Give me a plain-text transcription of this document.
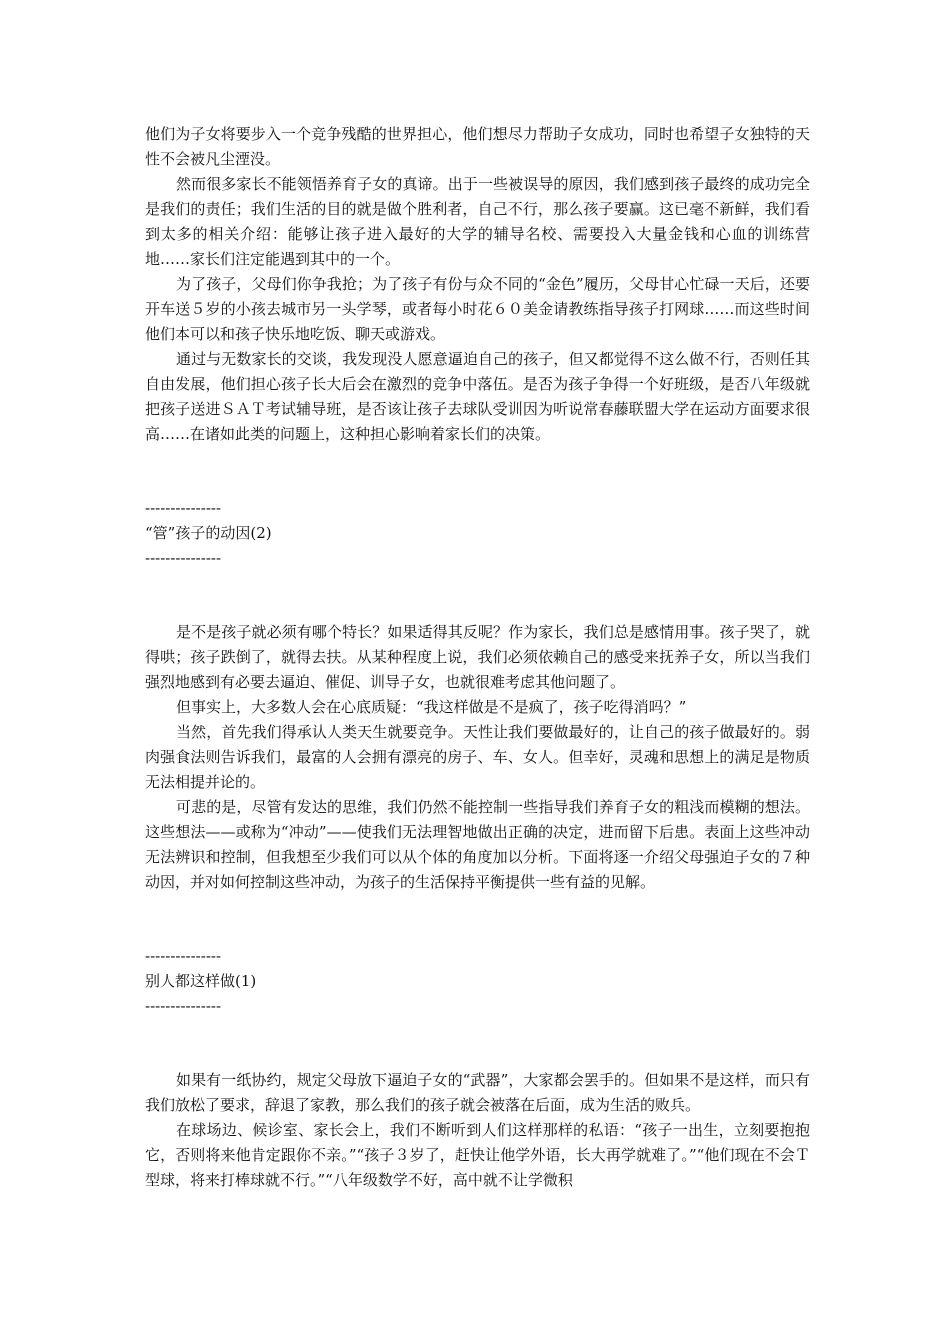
他们为子女将要步入一个竞争残酷的世界担心，他们想尽力帮助子女成功，同时也希望子女独特的天性不会被凡尘湮没。

然而很多家长不能领悟养育子女的真谛。出于一些被误导的原因，我们感到孩子最终的成功完全是我们的责任；我们生活的目的就是做个胜利者，自己不行，那么孩子要赢。这已毫不新鲜，我们看到太多的相关介绍：能够让孩子进入最好的大学的辅导名校、需要投入大量金钱和心血的训练营地……家长们注定能遇到其中的一个。

为了孩子，父母们你争我抢；为了孩子有份与众不同的“金色”履历，父母甘心忙碌一天后，还要开车送５岁的小孩去城市另一头学琴，或者每小时花６０美金请教练指导孩子打网球……而这些时间他们本可以和孩子快乐地吃饭、聊天或游戏。

通过与无数家长的交谈，我发现没人愿意逼迫自己的孩子，但又都觉得不这么做不行，否则任其自由发展，他们担心孩子长大后会在激烈的竞争中落伍。是否为孩子争得一个好班级，是否八年级就把孩子送进ＳＡＴ考试辅导班，是否该让孩子去球队受训因为听说常春藤联盟大学在运动方面要求很高……在诸如此类的问题上，这种担心影响着家长们的决策。

---------------

“管”孩子的动因(2)

---------------

是不是孩子就必须有哪个特长？如果适得其反呢？作为家长，我们总是感情用事。孩子哭了，就得哄；孩子跌倒了，就得去扶。从某种程度上说，我们必须依赖自己的感受来抚养子女，所以当我们强烈地感到有必要去逼迫、催促、训导子女，也就很难考虑其他问题了。

但事实上，大多数人会在心底质疑：“我这样做是不是疯了，孩子吃得消吗？”

当然，首先我们得承认人类天生就要竞争。天性让我们要做最好的，让自己的孩子做最好的。弱肉强食法则告诉我们，最富的人会拥有漂亮的房子、车、女人。但幸好，灵魂和思想上的满足是物质无法相提并论的。

可悲的是，尽管有发达的思维，我们仍然不能控制一些指导我们养育子女的粗浅而模糊的想法。这些想法——或称为“冲动”——使我们无法理智地做出正确的决定，进而留下后患。表面上这些冲动无法辨识和控制，但我想至少我们可以从个体的角度加以分析。下面将逐一介绍父母强迫子女的７种动因，并对如何控制这些冲动，为孩子的生活保持平衡提供一些有益的见解。

---------------

别人都这样做(1)

---------------

如果有一纸协约，规定父母放下逼迫子女的“武器”，大家都会罢手的。但如果不是这样，而只有我们放松了要求，辞退了家教，那么我们的孩子就会被落在后面，成为生活的败兵。

在球场边、候诊室、家长会上，我们不断听到人们这样那样的私语：“孩子一出生，立刻要抱抱它，否则将来他肯定跟你不亲。”“孩子３岁了，赶快让他学外语，长大再学就难了。”“他们现在不会Ｔ型球，将来打棒球就不行。”“八年级数学不好，高中就不让学微积
